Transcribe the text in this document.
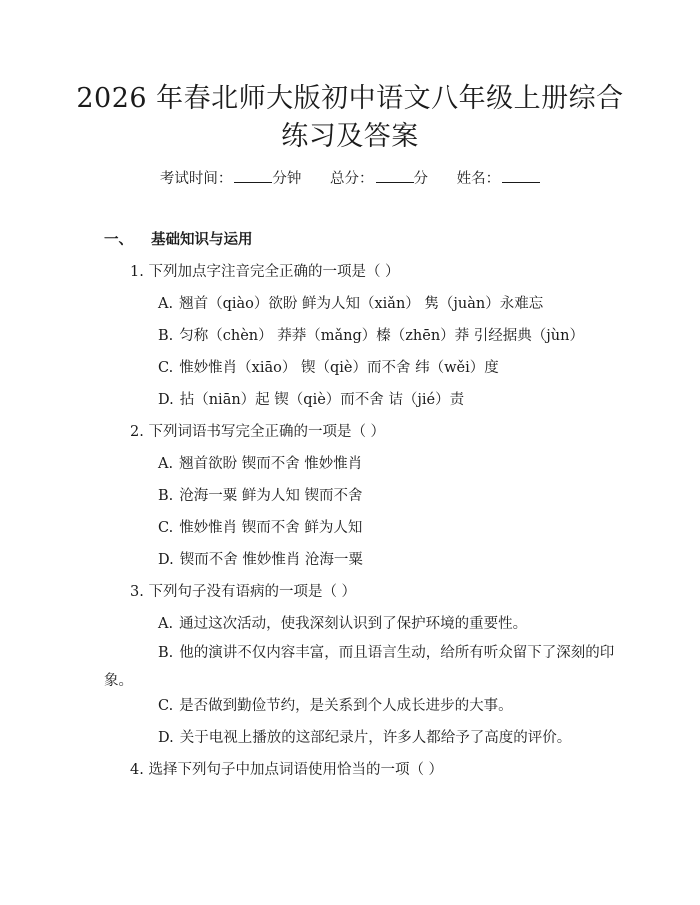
2026 年春北师大版初中语文八年级上册综合
练习及答案
考试时间：	分钟 总分：	分 姓名：
一、 基础知识与运用
1. 下列加点字注音完全正确的一项是（ ）
A. 翘首（qiào）欲盼 鲜为人知（xiǎn） 隽（juàn）永难忘
B. 匀称（chèn） 莽莽（mǎng）榛（zhēn）莽 引经据典（jùn）
C. 惟妙惟肖（xiāo） 锲（qiè）而不舍 纬（wěi）度
D. 拈（niān）起 锲（qiè）而不舍 诘（jié）责
2. 下列词语书写完全正确的一项是（ ）
A. 翘首欲盼 锲而不舍 惟妙惟肖
B. 沧海一粟 鲜为人知 锲而不舍
C. 惟妙惟肖 锲而不舍 鲜为人知
D. 锲而不舍 惟妙惟肖 沧海一粟
3. 下列句子没有语病的一项是（ ）
A. 通过这次活动，使我深刻认识到了保护环境的重要性。
B. 他的演讲不仅内容丰富，而且语言生动，给所有听众留下了深刻的印象。
C. 是否做到勤俭节约，是关系到个人成长进步的大事。
D. 关于电视上播放的这部纪录片，许多人都给予了高度的评价。
4. 选择下列句子中加点词语使用恰当的一项（ ）
